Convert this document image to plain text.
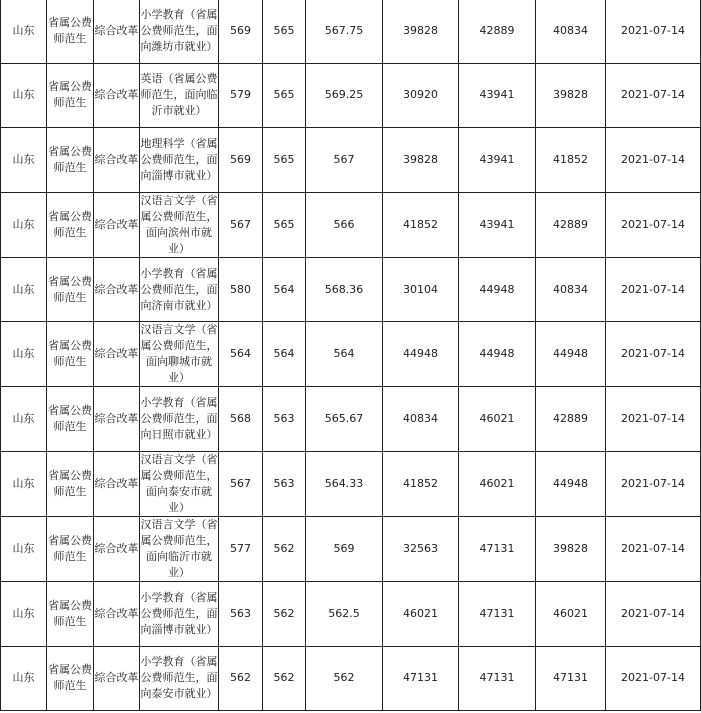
山东	省属公费师范生	综合改革	小学教育（省属公费师范生，面向潍坊市就业）	569	565	567.75	39828	42889	40834	2021-07-14
山东	省属公费师范生	综合改革	英语（省属公费师范生，面向临沂市就业）	579	565	569.25	30920	43941	39828	2021-07-14
山东	省属公费师范生	综合改革	地理科学（省属公费师范生，面向淄博市就业）	569	565	567	39828	43941	41852	2021-07-14
山东	省属公费师范生	综合改革	汉语言文学（省属公费师范生，面向滨州市就业）	567	565	566	41852	43941	42889	2021-07-14
山东	省属公费师范生	综合改革	小学教育（省属公费师范生，面向济南市就业）	580	564	568.36	30104	44948	40834	2021-07-14
山东	省属公费师范生	综合改革	汉语言文学（省属公费师范生，面向聊城市就业）	564	564	564	44948	44948	44948	2021-07-14
山东	省属公费师范生	综合改革	小学教育（省属公费师范生，面向日照市就业）	568	563	565.67	40834	46021	42889	2021-07-14
山东	省属公费师范生	综合改革	汉语言文学（省属公费师范生，面向泰安市就业）	567	563	564.33	41852	46021	44948	2021-07-14
山东	省属公费师范生	综合改革	汉语言文学（省属公费师范生，面向临沂市就业）	577	562	569	32563	47131	39828	2021-07-14
山东	省属公费师范生	综合改革	小学教育（省属公费师范生，面向淄博市就业）	563	562	562.5	46021	47131	46021	2021-07-14
山东	省属公费师范生	综合改革	小学教育（省属公费师范生，面向泰安市就业）	562	562	562	47131	47131	47131	2021-07-14
